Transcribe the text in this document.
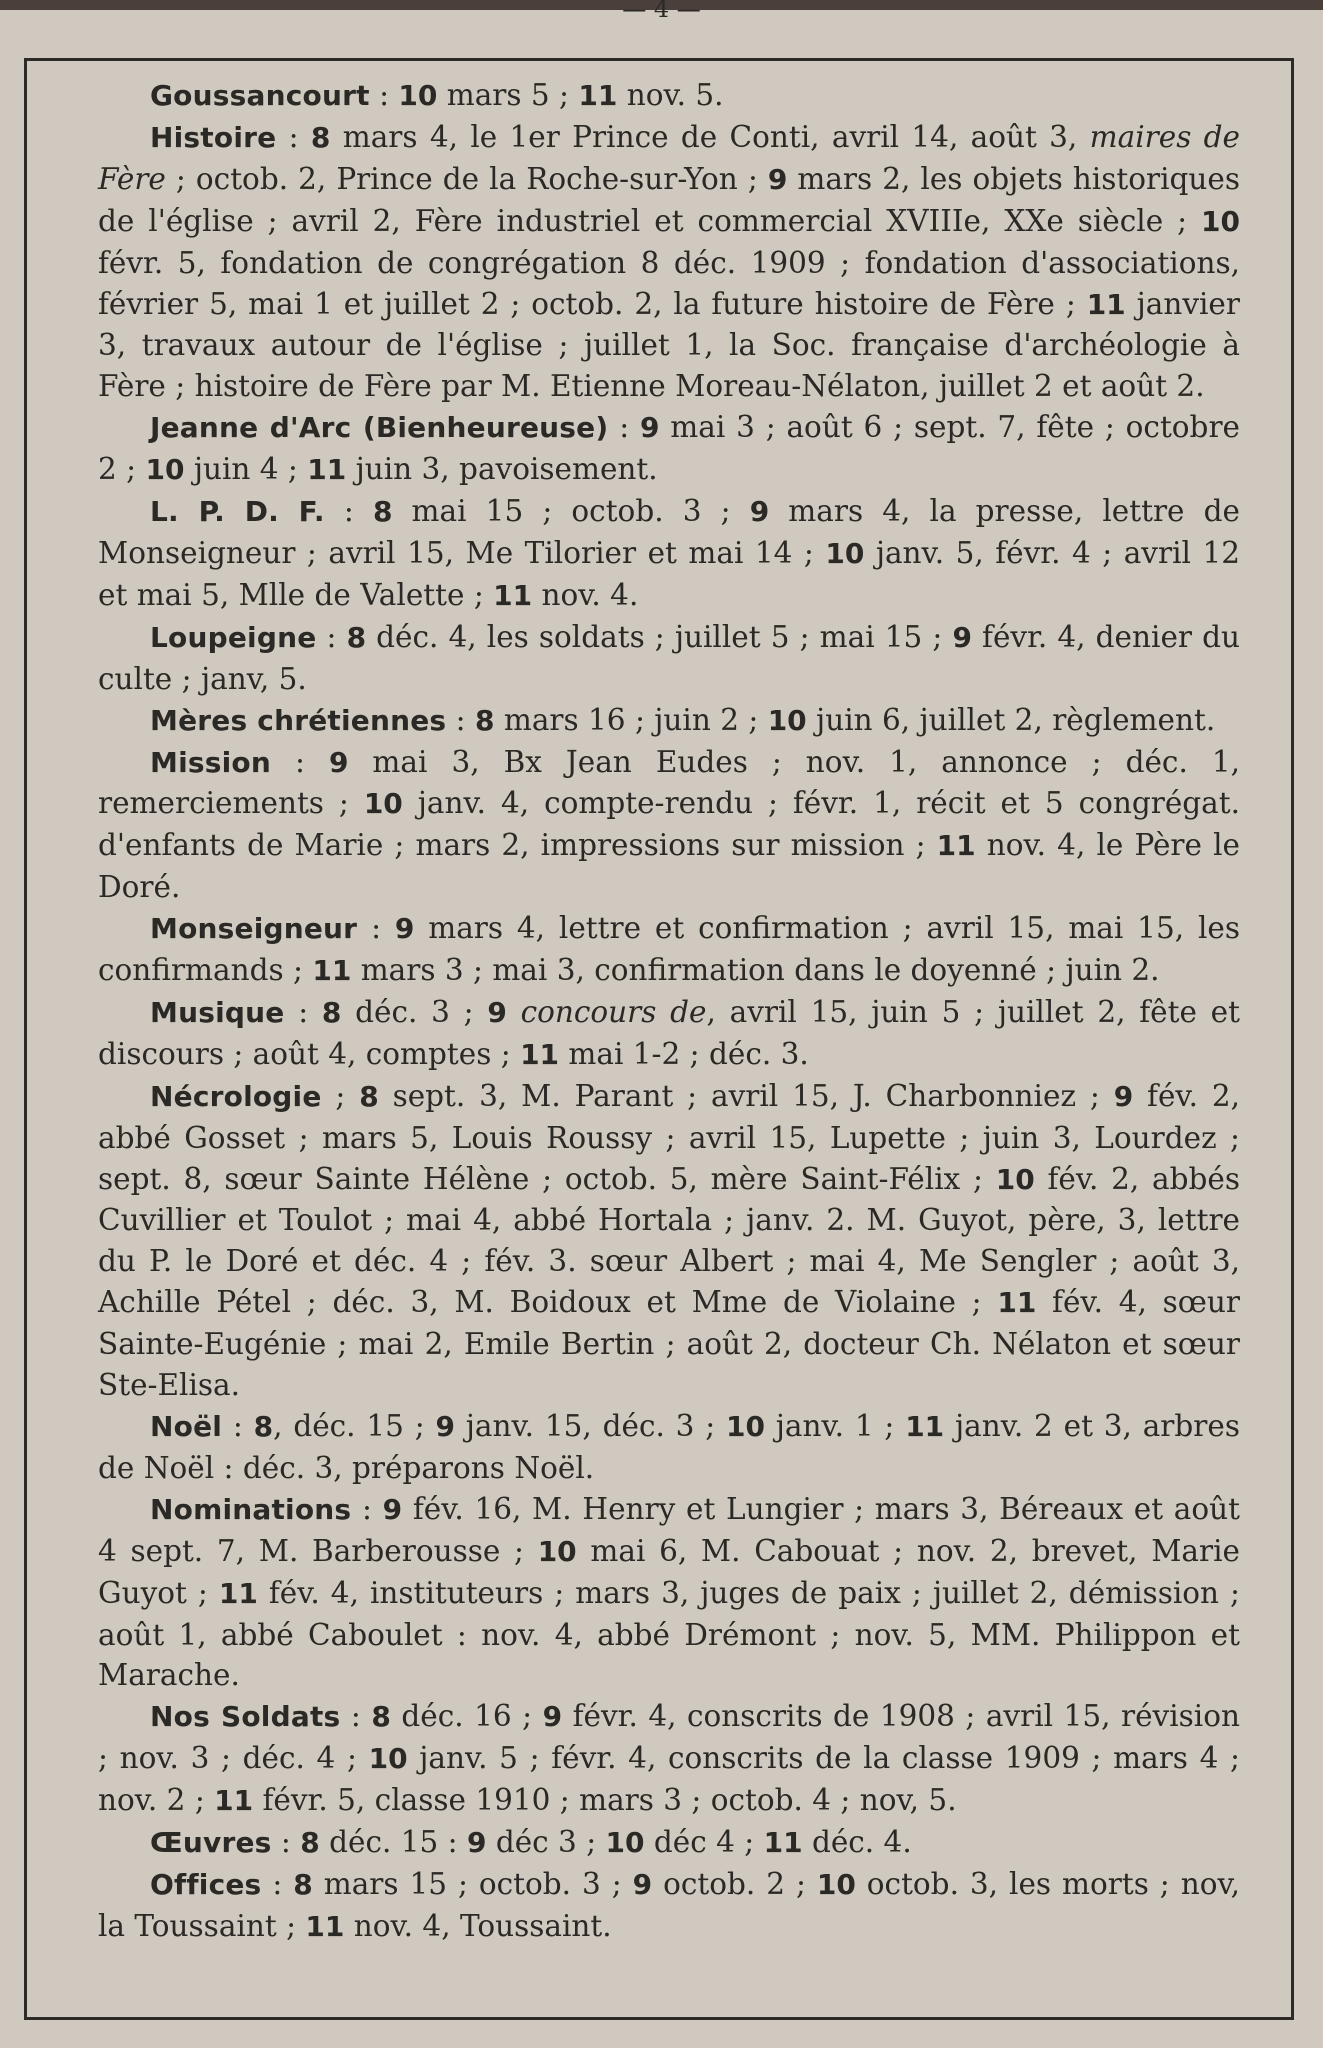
— 4 —

Goussancourt : 10 mars 5 ; 11 nov. 5.

Histoire : 8 mars 4, le 1er Prince de Conti, avril 14, août 3, maires de Fère ; octob. 2, Prince de la Roche-sur-Yon ; 9 mars 2, les objets historiques de l'église ; avril 2, Fère industriel et commercial XVIIIe, XXe siècle ; 10 févr. 5, fondation de congrégation 8 déc. 1909 ; fondation d'associations, février 5, mai 1 et juillet 2 ; octob. 2, la future histoire de Fère ; 11 janvier 3, travaux autour de l'église ; juillet 1, la Soc. française d'archéologie à Fère ; histoire de Fère par M. Etienne Moreau-Nélaton, juillet 2 et août 2.

Jeanne d'Arc (Bienheureuse) : 9 mai 3 ; août 6 ; sept. 7, fête ; octobre 2 ; 10 juin 4 ; 11 juin 3, pavoisement.

L. P. D. F. : 8 mai 15 ; octob. 3 ; 9 mars 4, la presse, lettre de Monseigneur ; avril 15, Me Tilorier et mai 14 ; 10 janv. 5, févr. 4 ; avril 12 et mai 5, Mlle de Valette ; 11 nov. 4.

Loupeigne : 8 déc. 4, les soldats ; juillet 5 ; mai 15 ; 9 févr. 4, denier du culte ; janv, 5.

Mères chrétiennes : 8 mars 16 ; juin 2 ; 10 juin 6, juillet 2, règlement.

Mission : 9 mai 3, Bx Jean Eudes ; nov. 1, annonce ; déc. 1, remerciements ; 10 janv. 4, compte-rendu ; févr. 1, récit et 5 congrégat. d'enfants de Marie ; mars 2, impressions sur mission ; 11 nov. 4, le Père le Doré.

Monseigneur : 9 mars 4, lettre et confirmation ; avril 15, mai 15, les confirmands ; 11 mars 3 ; mai 3, confirmation dans le doyenné ; juin 2.

Musique : 8 déc. 3 ; 9 concours de, avril 15, juin 5 ; juillet 2, fête et discours ; août 4, comptes ; 11 mai 1-2 ; déc. 3.

Nécrologie ; 8 sept. 3, M. Parant ; avril 15, J. Charbonniez ; 9 fév. 2, abbé Gosset ; mars 5, Louis Roussy ; avril 15, Lupette ; juin 3, Lourdez ; sept. 8, sœur Sainte Hélène ; octob. 5, mère Saint-Félix ; 10 fév. 2, abbés Cuvillier et Toulot ; mai 4, abbé Hortala ; janv. 2. M. Guyot, père, 3, lettre du P. le Doré et déc. 4 ; fév. 3. sœur Albert ; mai 4, Me Sengler ; août 3, Achille Pétel ; déc. 3, M. Boidoux et Mme de Violaine ; 11 fév. 4, sœur Sainte-Eugénie ; mai 2, Emile Bertin ; août 2, docteur Ch. Nélaton et sœur Ste-Elisa.

Noël : 8, déc. 15 ; 9 janv. 15, déc. 3 ; 10 janv. 1 ; 11 janv. 2 et 3, arbres de Noël : déc. 3, préparons Noël.

Nominations : 9 fév. 16, M. Henry et Lungier ; mars 3, Béreaux et août 4 sept. 7, M. Barberousse ; 10 mai 6, M. Cabouat ; nov. 2, brevet, Marie Guyot ; 11 fév. 4, instituteurs ; mars 3, juges de paix ; juillet 2, démission ; août 1, abbé Caboulet : nov. 4, abbé Drémont ; nov. 5, MM. Philippon et Marache.

Nos Soldats : 8 déc. 16 ; 9 févr. 4, conscrits de 1908 ; avril 15, révision ; nov. 3 ; déc. 4 ; 10 janv. 5 ; févr. 4, conscrits de la classe 1909 ; mars 4 ; nov. 2 ; 11 févr. 5, classe 1910 ; mars 3 ; octob. 4 ; nov, 5.

Œuvres : 8 déc. 15 : 9 déc 3 ; 10 déc 4 ; 11 déc. 4.

Offices : 8 mars 15 ; octob. 3 ; 9 octob. 2 ; 10 octob. 3, les morts ; nov, la Toussaint ; 11 nov. 4, Toussaint.
